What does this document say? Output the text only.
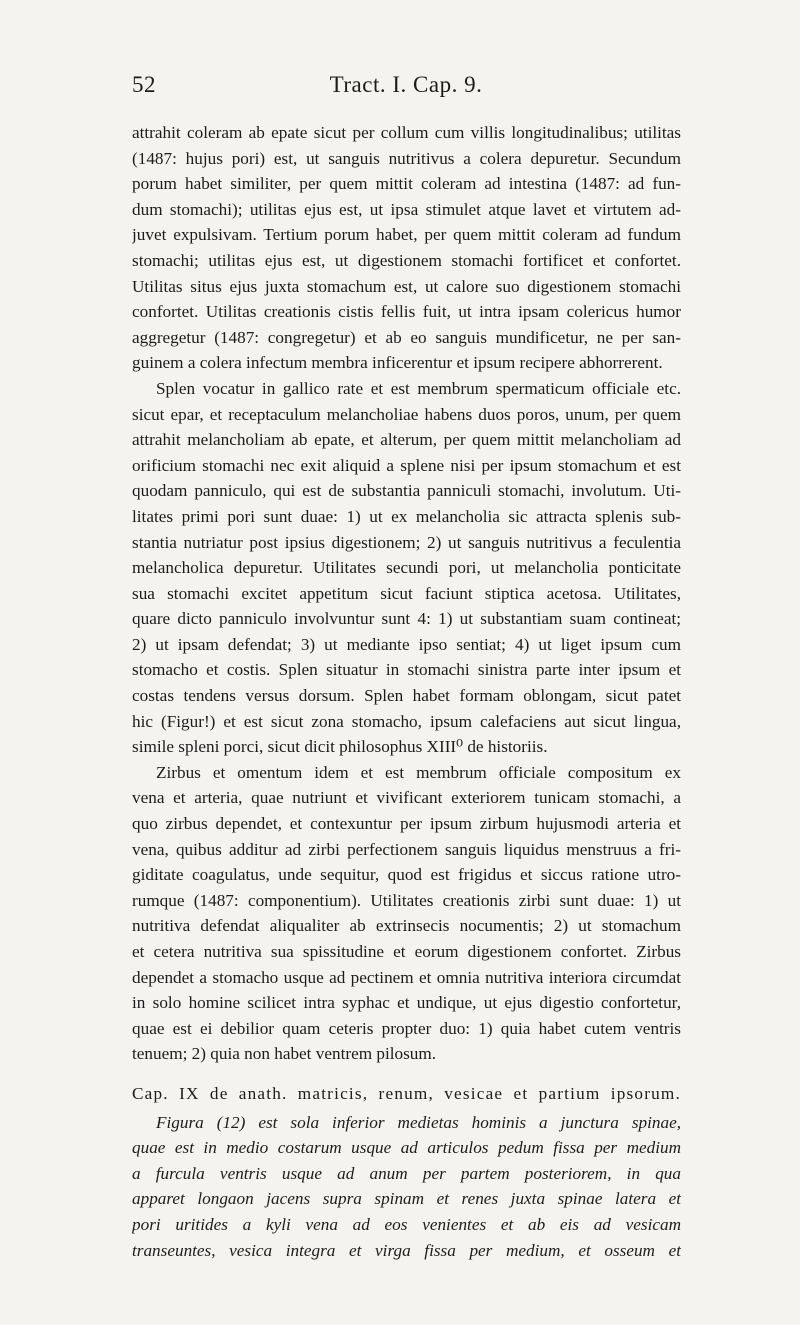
52	Tract. I. Cap. 9.
attrahit coleram ab epate sicut per collum cum villis longitudinalibus; utilitas
(1487: hujus pori) est, ut sanguis nutritivus a colera depuretur. Secundum
porum habet similiter, per quem mittit coleram ad intestina (1487: ad fun-
dum stomachi); utilitas ejus est, ut ipsa stimulet atque lavet et virtutem ad-
juvet expulsivam. Tertium porum habet, per quem mittit coleram ad fundum
stomachi; utilitas ejus est, ut digestionem stomachi fortificet et confortet.
Utilitas situs ejus juxta stomachum est, ut calore suo digestionem stomachi
confortet. Utilitas creationis cistis fellis fuit, ut intra ipsam colericus humor
aggregetur (1487: congregetur) et ab eo sanguis mundificetur, ne per san-
guinem a colera infectum membra inficerentur et ipsum recipere abhorrerent.
Splen vocatur in gallico rate et est membrum spermaticum officiale etc.
sicut epar, et receptaculum melancholiae habens duos poros, unum, per quem
attrahit melancholiam ab epate, et alterum, per quem mittit melancholiam ad
orificium stomachi nec exit aliquid a splene nisi per ipsum stomachum et est
quodam panniculo, qui est de substantia panniculi stomachi, involutum. Uti-
litates primi pori sunt duae: 1) ut ex melancholia sic attracta splenis sub-
stantia nutriatur post ipsius digestionem; 2) ut sanguis nutritivus a feculentia
melancholica depuretur. Utilitates secundi pori, ut melancholia ponticitate
sua stomachi excitet appetitum sicut faciunt stiptica acetosa. Utilitates,
quare dicto panniculo involvuntur sunt 4: 1) ut substantiam suam contineat;
2) ut ipsam defendat; 3) ut mediante ipso sentiat; 4) ut liget ipsum cum
stomacho et costis. Splen situatur in stomachi sinistra parte inter ipsum et
costas tendens versus dorsum. Splen habet formam oblongam, sicut patet
hic (Figur!) et est sicut zona stomacho, ipsum calefaciens aut sicut lingua,
simile spleni porci, sicut dicit philosophus XIII⁰ de historiis.
Zirbus et omentum idem et est membrum officiale compositum ex
vena et arteria, quae nutriunt et vivificant exteriorem tunicam stomachi, a
quo zirbus dependet, et contexuntur per ipsum zirbum hujusmodi arteria et
vena, quibus additur ad zirbi perfectionem sanguis liquidus menstruus a fri-
giditate coagulatus, unde sequitur, quod est frigidus et siccus ratione utro-
rumque (1487: componentium). Utilitates creationis zirbi sunt duae: 1) ut
nutritiva defendat aliqualiter ab extrinsecis nocumentis; 2) ut stomachum
et cetera nutritiva sua spissitudine et eorum digestionem confortet. Zirbus
dependet a stomacho usque ad pectinem et omnia nutritiva interiora circumdat
in solo homine scilicet intra syphac et undique, ut ejus digestio confortetur,
quae est ei debilior quam ceteris propter duo: 1) quia habet cutem ventris
tenuem; 2) quia non habet ventrem pilosum.
Cap. IX de anath. matricis, renum, vesicae et partium ipsorum.
Figura (12) est sola inferior medietas hominis a junctura spinae,
quae est in medio costarum usque ad articulos pedum fissa per medium
a furcula ventris usque ad anum per partem posteriorem, in qua
apparet longaon jacens supra spinam et renes juxta spinae latera et
pori uritides a kyli vena ad eos venientes et ab eis ad vesicam
transeuntes, vesica integra et virga fissa per medium, et osseum et
